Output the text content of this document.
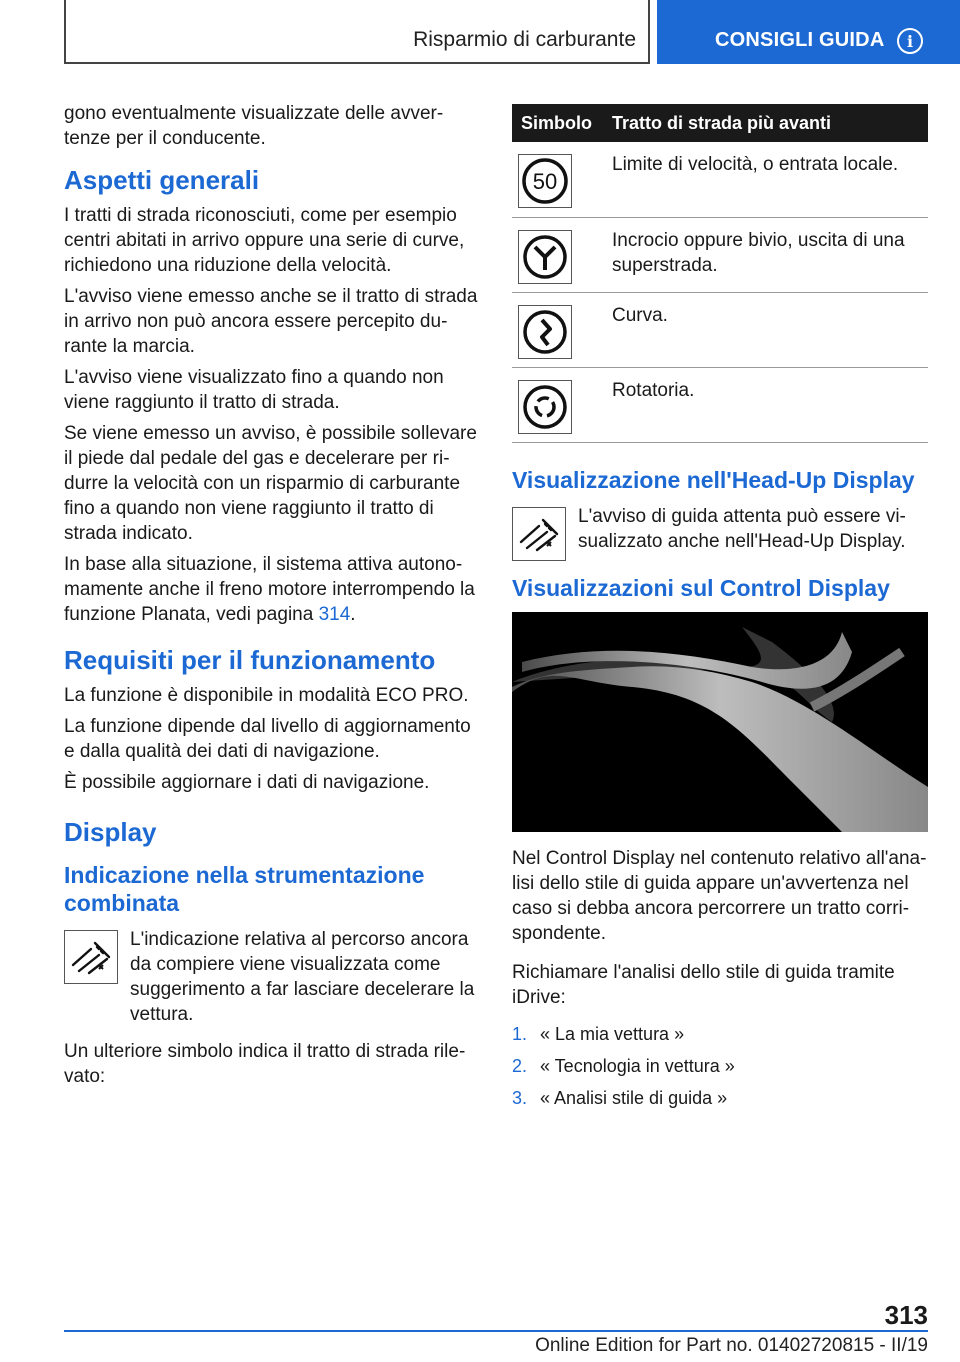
Risparmio di carburante	CONSIGLI GUIDA	i

gono eventualmente visualizzate delle avver-tenze per il conducente.

Aspetti generali

I tratti di strada riconosciuti, come per esempio centri abitati in arrivo oppure una serie di curve, richiedono una riduzione della velocità.

L'avviso viene emesso anche se il tratto di strada in arrivo non può ancora essere percepito du-rante la marcia.

L'avviso viene visualizzato fino a quando non viene raggiunto il tratto di strada.

Se viene emesso un avviso, è possibile sollevare il piede dal pedale del gas e decelerare per ri-durre la velocità con un risparmio di carburante fino a quando non viene raggiunto il tratto di strada indicato.

In base alla situazione, il sistema attiva autono-mamente anche il freno motore interrompendo la funzione Planata, vedi pagina 314.

Requisiti per il funzionamento

La funzione è disponibile in modalità ECO PRO.

La funzione dipende dal livello di aggiornamento e dalla qualità dei dati di navigazione.

È possibile aggiornare i dati di navigazione.

Display
Indicazione nella strumentazione combinata

L'indicazione relativa al percorso ancora da compiere viene visualizzata come suggerimento a far lasciare decelerare la vettura.

Un ulteriore simbolo indica il tratto di strada rile-vato:

Simbolo	Tratto di strada più avanti

50	Limite di velocità, o entrata locale.

	Incrocio oppure bivio, uscita di una superstrada.

	Curva.

	Rotatoria.
Visualizzazione nell'Head-Up Display

L'avviso di guida attenta può essere vi-sualizzato anche nell'Head-Up Display.

Visualizzazioni sul Control Display

Nel Control Display nel contenuto relativo all'ana-lisi dello stile di guida appare un'avvertenza nel caso si debba ancora percorrere un tratto corri-spondente.

Richiamare l'analisi dello stile di guida tramite iDrive:

1. « La mia vettura »
2. « Tecnologia in vettura »
3. « Analisi stile di guida »
313
Online Edition for Part no. 01402720815 - II/19
